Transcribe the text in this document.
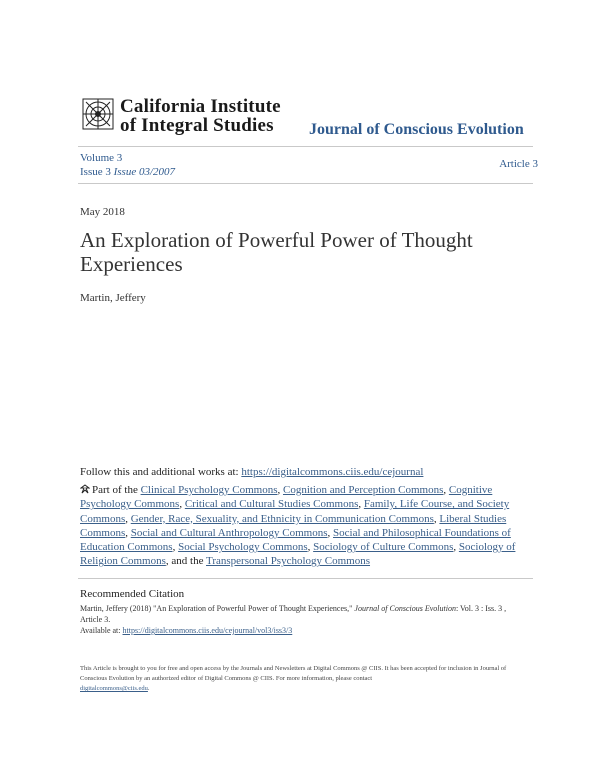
California Institute
of Integral Studies Journal of Conscious Evolution
Volume 3
Issue 3 Issue 03/2007
Article 3
May 2018
An Exploration of Powerful Power of Thought Experiences
Martin, Jeffery
Follow this and additional works at: https://digitalcommons.ciis.edu/cejournal
Part of the Clinical Psychology Commons, Cognition and Perception Commons, Cognitive Psychology Commons, Critical and Cultural Studies Commons, Family, Life Course, and Society Commons, Gender, Race, Sexuality, and Ethnicity in Communication Commons, Liberal Studies Commons, Social and Cultural Anthropology Commons, Social and Philosophical Foundations of Education Commons, Social Psychology Commons, Sociology of Culture Commons, Sociology of Religion Commons, and the Transpersonal Psychology Commons
Recommended Citation
Martin, Jeffery (2018) "An Exploration of Powerful Power of Thought Experiences," Journal of Conscious Evolution: Vol. 3 : Iss. 3 , Article 3.
Available at: https://digitalcommons.ciis.edu/cejournal/vol3/iss3/3
This Article is brought to you for free and open access by the Journals and Newsletters at Digital Commons @ CIIS. It has been accepted for inclusion in Journal of Conscious Evolution by an authorized editor of Digital Commons @ CIIS. For more information, please contact
digitalcommons@ciis.edu.
